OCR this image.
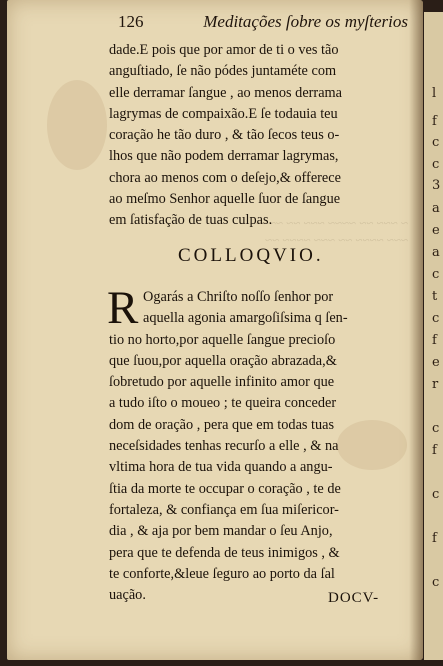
l
f
c
c
3
a
e
a
c
t
c
f
e
r
c
f
c
f
c
~ ~~~ ~~ ~~~~ ~~~ ~~ ~~~~
~~~ ~~~~ ~~ ~~~ ~~~~ ~~
126	Meditações ſobre os myſterios
dade.E pois que por amor de ti o ves tão
anguſtiado, ſe não pódes juntaméte com
elle derramar ſangue , ao menos derrama
lagrymas de compaixão.E ſe todauia teu
coração he tão duro , & tão ſecos teus o-
lhos que não podem derramar lagrymas,
chora ao menos com o deſejo,& offerece
ao meſmo Senhor aquelle ſuor de ſangue
em ſatisfação de tuas culpas.
COLLOQVIO.
R Ogarás a Chriſto noſſo ſenhor por
aquella agonia amargoſiſsima q ſen-
tio no horto,por aquelle ſangue precioſo
que ſuou,por aquella oração abrazada,&
ſobretudo por aquelle infinito amor que
a tudo iſto o moueo ; te queira conceder
dom de oração , pera que em todas tuas
neceſsidades tenhas recurſo a elle , & na
vltima hora de tua vida quando a angu-
ſtia da morte te occupar o coração , te de
fortaleza, & confiança em ſua miſericor-
dia , & aja por bem mandar o ſeu Anjo,
pera que te defenda de teus inimigos , &
te conforte,&leue ſeguro ao porto da ſal
uação.	DOCV-
